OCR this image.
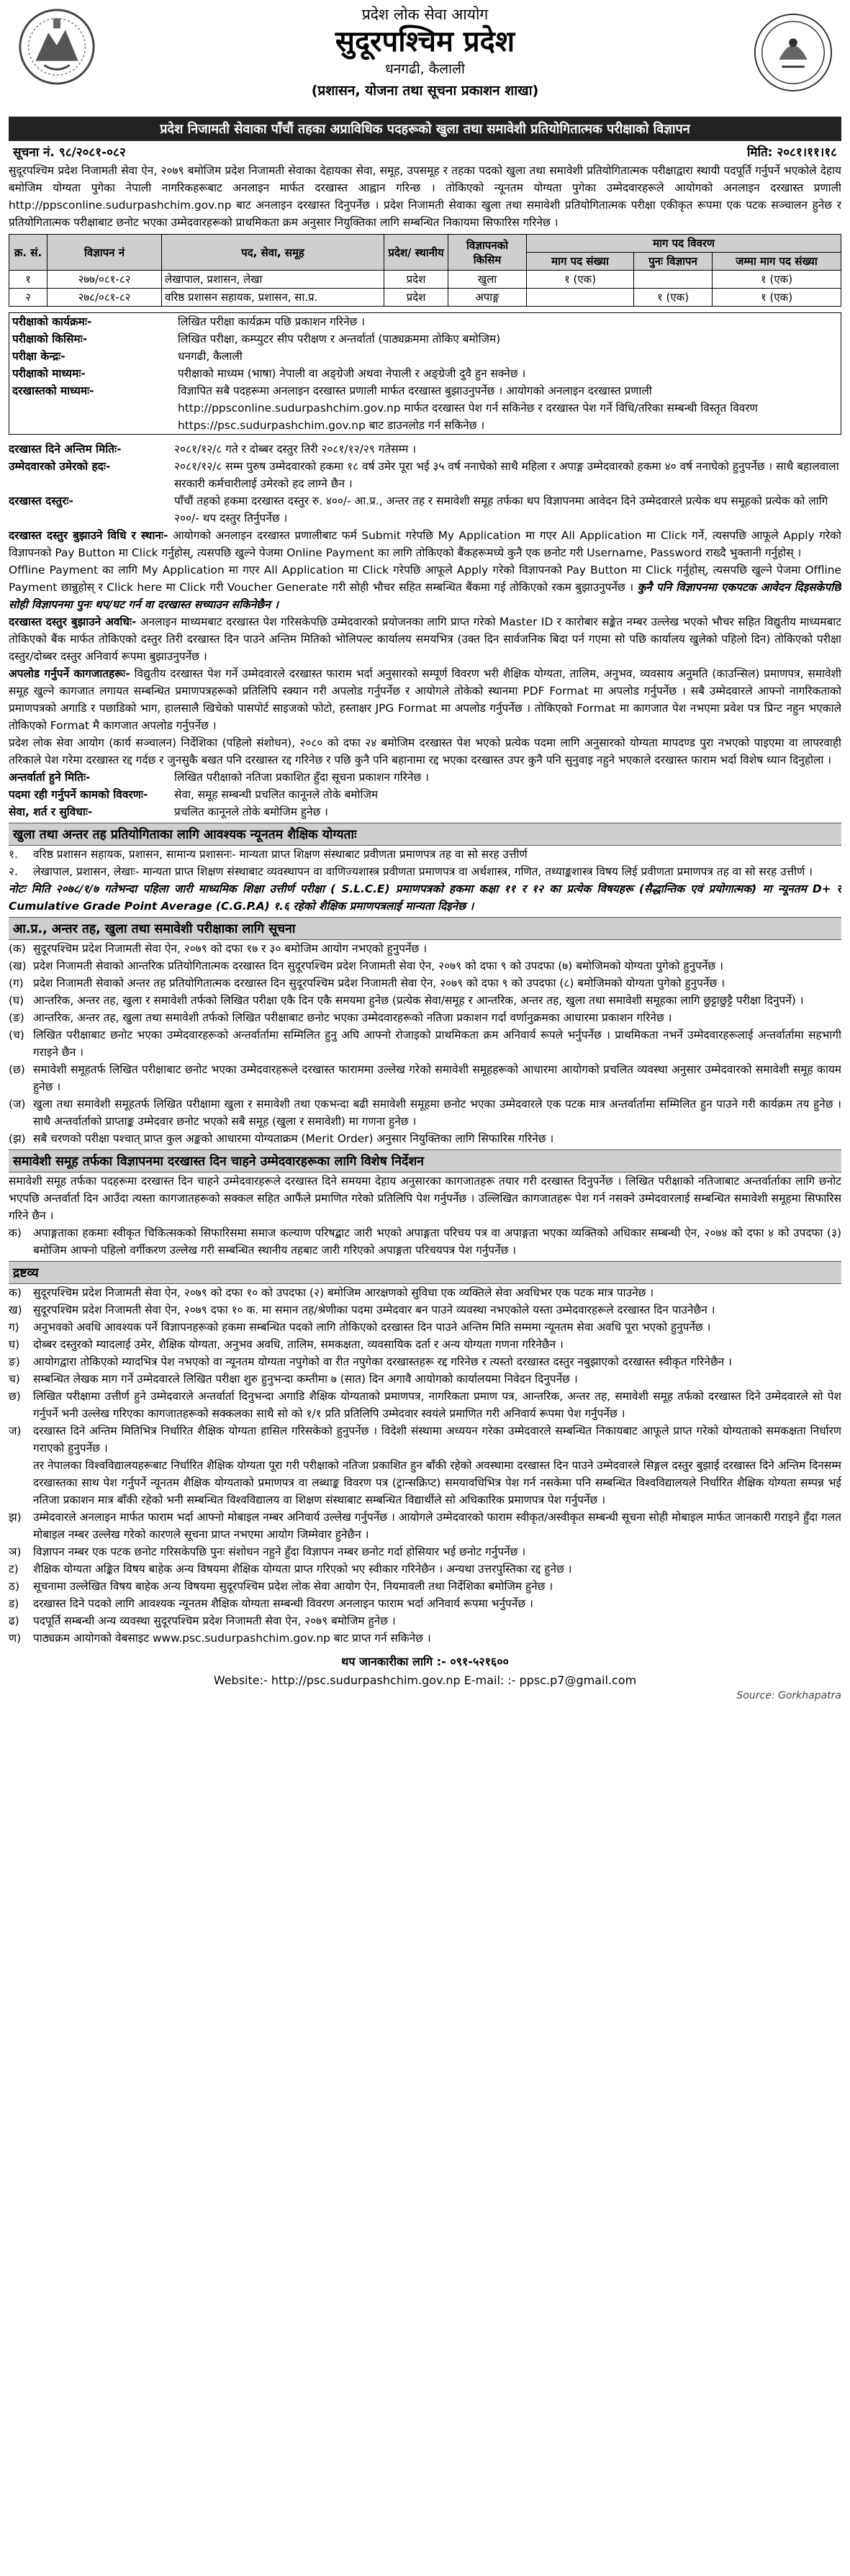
प्रदेश लोक सेवा आयोग
सुदूरपश्चिम प्रदेश
धनगढी, कैलाली
(प्रशासन, योजना तथा सूचना प्रकाशन शाखा)
प्रदेश निजामती सेवाका पाँचौं तहका अप्राविधिक पदहरूको खुला तथा समावेशी प्रतियोगितात्मक परीक्षाको विज्ञापन
सूचना नं. ९८/२०८१-०८२	मिति: २०८१।११।१८

सुदूरपश्चिम प्रदेश निजामती सेवा ऐन, २०७९ बमोजिम प्रदेश निजामती सेवाका देहायका सेवा, समूह, उपसमूह र तहका पदको खुला तथा समावेशी प्रतियोगितात्मक परीक्षाद्वारा स्थायी पदपूर्ति गर्नुपर्ने भएकोले देहाय बमोजिम योग्यता पुगेका नेपाली नागरिकहरूबाट अनलाइन मार्फत दरखास्त आह्वान गरिन्छ । तोकिएको न्यूनतम योग्यता पुगेका उम्मेदवारहरूले आयोगको अनलाइन दरखास्त प्रणाली http://ppsconline.sudurpashchim.gov.np बाट अनलाइन दरखास्त दिनुपर्नेछ । प्रदेश निजामती सेवाका खुला तथा समावेशी प्रतियोगितात्मक परीक्षा एकीकृत रूपमा एक पटक सञ्चालन हुनेछ र प्रतियोगितात्मक परीक्षाबाट छनोट भएका उम्मेदवारहरूको प्राथमिकता क्रम अनुसार नियुक्तिका लागि सम्बन्धित निकायमा सिफारिस गरिनेछ ।

क्र. सं.	विज्ञापन नं	पद, सेवा, समूह	प्रदेश/ स्थानीय	विज्ञापनको किसिम	माग पद विवरण		
					माग पद संख्या	पुनः विज्ञापन	जम्मा माग पद संख्या
१	२७७/०८१-८२	लेखापाल, प्रशासन, लेखा	प्रदेश	खुला	१ (एक)		१ (एक)
२	२७८/०८१-८२	वरिष्ठ प्रशासन सहायक, प्रशासन, सा.प्र.	प्रदेश	अपाङ्ग		१ (एक)	१ (एक)
परीक्षाको कार्यक्रमः-	लिखित परीक्षा कार्यक्रम पछि प्रकाशन गरिनेछ ।
परीक्षाको किसिमः-	लिखित परीक्षा, कम्प्युटर सीप परीक्षण र अन्तर्वार्ता (पाठ्यक्रममा तोकिए बमोजिम)
परीक्षा केन्द्रः-	धनगढी, कैलाली
परीक्षाको माध्यमः-	परीक्षाको माध्यम (भाषा) नेपाली वा अङ्ग्रेजी अथवा नेपाली र अङ्ग्रेजी दुवै हुन सक्नेछ ।
दरखास्तको माध्यमः-	विज्ञापित सबै पदहरूमा अनलाइन दरखास्त प्रणाली मार्फत दरखास्त बुझाउनुपर्नेछ । आयोगको अनलाइन दरखास्त प्रणाली http://ppsconline.sudurpashchim.gov.np मार्फत दरखास्त पेश गर्न सकिनेछ र दरखास्त पेश गर्ने विधि/तरिका सम्बन्धी विस्तृत विवरण https://psc.sudurpashchim.gov.np बाट डाउनलोड गर्न सकिनेछ ।
दरखास्त दिने अन्तिम मितिः-	२०८१/१२/८ गते र दोब्बर दस्तुर तिरी २०८१/१२/२९ गतेसम्म ।
उम्मेदवारको उमेरको हदः-	२०८१/१२/८ सम्म पुरुष उम्मेदवारको हकमा १८ वर्ष उमेर पूरा भई ३५ वर्ष ननाघेको साथै महिला र अपाङ्ग उम्मेदवारको हकमा ४० वर्ष ननाघेको हुनुपर्नेछ । साथै बहालवाला सरकारी कर्मचारीलाई उमेरको हद लाग्ने छैन ।
दरखास्त दस्तुरः-	पाँचौं तहको हकमा दरखास्त दस्तुर रु. ४००/- आ.प्र., अन्तर तह र समावेशी समूह तर्फका थप विज्ञापनमा आवेदन दिने उम्मेदवारले प्रत्येक थप समूहको प्रत्येक को लागि २००/- थप दस्तुर तिर्नुपर्नेछ ।

दरखास्त दस्तुर बुझाउने विधि र स्थानः- आयोगको अनलाइन दरखास्त प्रणालीबाट फर्म Submit गरेपछि My Application मा गएर All Application मा Click गर्ने, त्यसपछि आफूले Apply गरेको विज्ञापनको Pay Button मा Click गर्नुहोस्, त्यसपछि खुल्ने पेजमा Online Payment का लागि तोकिएको बैंकहरूमध्ये कुनै एक छनोट गरी Username, Password राख्दै भुक्तानी गर्नुहोस् ।

Offline Payment का लागि My Application मा गएर All Application मा Click गरेपछि आफूले Apply गरेको विज्ञापनको Pay Button मा Click गर्नुहोस्, त्यसपछि खुल्ने पेजमा Offline Payment छान्नुहोस् र Click here मा Click गरी Voucher Generate गरी सोही भौचर सहित सम्बन्धित बैंकमा गई तोकिएको रकम बुझाउनुपर्नेछ । कुनै पनि विज्ञापनमा एकपटक आवेदन दिइसकेपछि सोही विज्ञापनमा पुनः थप/घट गर्न वा दरखास्त सच्याउन सकिनेछैन ।

दरखास्त दस्तुर बुझाउने अवधिः- अनलाइन माध्यमबाट दरखास्त पेश गरिसकेपछि उम्मेदवारको प्रयोजनका लागि प्राप्त गरेको Master ID र कारोबार सङ्केत नम्बर उल्लेख भएको भौचर सहित विद्युतीय माध्यमबाट तोकिएको बैंक मार्फत तोकिएको दस्तुर तिरी दरखास्त दिन पाउने अन्तिम मितिको भोलिपल्ट कार्यालय समयभित्र (उक्त दिन सार्वजनिक बिदा पर्न गएमा सो पछि कार्यालय खुलेको पहिलो दिन) तोकिएको परीक्षा दस्तुर/दोब्बर दस्तुर अनिवार्य रूपमा बुझाउनुपर्नेछ ।

अपलोड गर्नुपर्ने कागजातहरूः- विद्युतीय दरखास्त पेश गर्ने उम्मेदवारले दरखास्त फाराम भर्दा अनुसारको सम्पूर्ण विवरण भरी शैक्षिक योग्यता, तालिम, अनुभव, व्यवसाय अनुमति (काउन्सिल) प्रमाणपत्र, समावेशी समूह खुल्ने कागजात लगायत सम्बन्धित प्रमाणपत्रहरूको प्रतिलिपि स्क्यान गरी अपलोड गर्नुपर्नेछ र आयोगले तोकेको स्थानमा PDF Format मा अपलोड गर्नुपर्नेछ । सबै उम्मेदवारले आफ्नो नागरिकताको प्रमाणपत्रको अगाडि र पछाडिको भाग, हालसालै खिचेको पासपोर्ट साइजको फोटो, हस्ताक्षर JPG Format मा अपलोड गर्नुपर्नेछ । तोकिएको Format मा कागजात पेश नभएमा प्रवेश पत्र प्रिन्ट नहुन भएकाले तोकिएको Format मै कागजात अपलोड गर्नुपर्नेछ ।

प्रदेश लोक सेवा आयोग (कार्य सञ्चालन) निर्देशिका (पहिलो संशोधन), २०८० को दफा २४ बमोजिम दरखास्त पेश भएको प्रत्येक पदमा लागि अनुसारको योग्यता मापदण्ड पुरा नभएको पाइएमा वा लापरवाही तरिकाले पेश गरेमा दरखास्त रद्द गर्दछ र जुनसुकै बखत पनि दरखास्त रद्द गरिनेछ र पछि कुनै पनि बहानामा रद्द भएका दरखास्त उपर कुनै पनि सुनुवाइ नहुने भएकाले दरखास्त फाराम भर्दा विशेष ध्यान दिनुहोला ।

अन्तर्वार्ता हुने मितिः-	लिखित परीक्षाको नतिजा प्रकाशित हुँदा सूचना प्रकाशन गरिनेछ ।
पदमा रही गर्नुपर्ने कामको विवरणः-	सेवा, समूह सम्बन्धी प्रचलित कानूनले तोके बमोजिम
सेवा, शर्त र सुविधाः-	प्रचलित कानूनले तोके बमोजिम हुनेछ ।
खुला तथा अन्तर तह प्रतियोगिताका लागि आवश्यक न्यूनतम शैक्षिक योग्यताः
१.	वरिष्ठ प्रशासन सहायक, प्रशासन, सामान्य प्रशासनः- मान्यता प्राप्त शिक्षण संस्थाबाट प्रवीणता प्रमाणपत्र तह वा सो सरह उत्तीर्ण
२.	लेखापाल, प्रशासन, लेखाः- मान्यता प्राप्त शिक्षण संस्थाबाट व्यवस्थापन वा वाणिज्यशास्त्र प्रवीणता प्रमाणपत्र वा अर्थशास्त्र, गणित, तथ्याङ्कशास्त्र विषय लिई प्रवीणता प्रमाणपत्र तह वा सो सरह उत्तीर्ण ।

नोटः मिति २०७८/१/७ गतेभन्दा पहिला जारी माध्यमिक शिक्षा उत्तीर्ण परीक्षा ( S.L.C.E) प्रमाणपत्रको हकमा कक्षा ११ र १२ का प्रत्येक विषयहरू (सैद्धान्तिक एवं प्रयोगात्मक) मा न्यूनतम D+ र Cumulative Grade Point Average (C.G.P.A) १.६ रहेको शैक्षिक प्रमाणपत्रलाई मान्यता दिइनेछ ।

आ.प्र., अन्तर तह, खुला तथा समावेशी परीक्षाका लागि सूचना
(क) सुदूरपश्चिम प्रदेश निजामती सेवा ऐन, २०७९ को दफा १७ र ३० बमोजिम आयोग नभएको हुनुपर्नेछ ।
(ख) प्रदेश निजामती सेवाको आन्तरिक प्रतियोगितात्मक दरखास्त दिन सुदूरपश्चिम प्रदेश निजामती सेवा ऐन, २०७९ को दफा ९ को उपदफा (७) बमोजिमको योग्यता पुगेको हुनुपर्नेछ ।
(ग) प्रदेश निजामती सेवाको अन्तर तह प्रतियोगितात्मक दरखास्त दिन सुदूरपश्चिम प्रदेश निजामती सेवा ऐन, २०७९ को दफा ९ को उपदफा (८) बमोजिमको योग्यता पुगेको हुनुपर्नेछ ।
(घ) आन्तरिक, अन्तर तह, खुला र समावेशी तर्फको लिखित परीक्षा एकै दिन एकै समयमा हुनेछ (प्रत्येक सेवा/समूह र आन्तरिक, अन्तर तह, खुला तथा समावेशी समूहका लागि छुट्टाछुट्टै परीक्षा दिनुपर्ने) ।
(ङ) आन्तरिक, अन्तर तह, खुला तथा समावेशी तर्फको लिखित परीक्षाबाट छनोट भएका उम्मेदवारहरूको नतिजा प्रकाशन गर्दा वर्णानुक्रमका आधारमा प्रकाशन गरिनेछ ।
(च) लिखित परीक्षाबाट छनोट भएका उम्मेदवारहरूको अन्तर्वार्तामा सम्मिलित हुनु अघि आफ्नो रोजाइको प्राथमिकता क्रम अनिवार्य रूपले भर्नुपर्नेछ । प्राथमिकता नभर्ने उम्मेदवारहरूलाई अन्तर्वार्तामा सहभागी गराइने छैन ।
(छ) समावेशी समूहतर्फ लिखित परीक्षाबाट छनोट भएका उम्मेदवारहरूले दरखास्त फाराममा उल्लेख गरेको समावेशी समूहहरूको आधारमा आयोगको प्रचलित व्यवस्था अनुसार उम्मेदवारको समावेशी समूह कायम हुनेछ ।
(ज) खुला तथा समावेशी समूहतर्फ लिखित परीक्षामा खुला र समावेशी तथा एकभन्दा बढी समावेशी समूहमा छनोट भएका उम्मेदवारले एक पटक मात्र अन्तर्वार्तामा सम्मिलित हुन पाउने गरी कार्यक्रम तय हुनेछ । साथै अन्तर्वार्ताको प्राप्ताङ्क उम्मेदवार छनोट भएको सबै समूह (खुला र समावेशी) मा गणना हुनेछ ।
(झ) सबै चरणको परीक्षा पश्चात् प्राप्त कुल अङ्कको आधारमा योग्यताक्रम (Merit Order) अनुसार नियुक्तिका लागि सिफारिस गरिनेछ ।
समावेशी समूह तर्फका विज्ञापनमा दरखास्त दिन चाहने उम्मेदवारहरूका लागि विशेष निर्देशन

समावेशी समूह तर्फका पदहरूमा दरखास्त दिन चाहने उम्मेदवारहरूले दरखास्त दिने समयमा देहाय अनुसारका कागजातहरू तयार गरी दरखास्त दिनुपर्नेछ । लिखित परीक्षाको नतिजाबाट अन्तर्वार्ताका लागि छनोट भएपछि अन्तर्वार्ता दिन आउँदा त्यस्ता कागजातहरूको सक्कल सहित आफैंले प्रमाणित गरेको प्रतिलिपि पेश गर्नुपर्नेछ । उल्लिखित कागजातहरू पेश गर्न नसक्ने उम्मेदवारलाई सम्बन्धित समावेशी समूहमा सिफारिस गरिने छैन ।

क)	अपाङ्गताका हकमाः स्वीकृत चिकित्सकको सिफारिसमा समाज कल्याण परिषद्बाट जारी भएको अपाङ्गता परिचय पत्र वा अपाङ्गता भएका व्यक्तिको अधिकार सम्बन्धी ऐन, २०७४ को दफा ४ को उपदफा (३) बमोजिम आफ्नो पहिलो वर्गीकरण उल्लेख गरी सम्बन्धित स्थानीय तहबाट जारी गरिएको अपाङ्गता परिचयपत्र पेश गर्नुपर्नेछ ।
द्रष्टव्य
क)	सुदूरपश्चिम प्रदेश निजामती सेवा ऐन, २०७९ को दफा १० को उपदफा (२) बमोजिम आरक्षणको सुविधा एक व्यक्तिले सेवा अवधिभर एक पटक मात्र पाउनेछ ।
ख) सुदूरपश्चिम प्रदेश निजामती सेवा ऐन, २०७९ दफा १० क. मा समान तह/श्रेणीका पदमा उम्मेदवार बन पाउने व्यवस्था नभएकोले यस्ता उम्मेदवारहरूले दरखास्त दिन पाउनेछैन ।
ग)	अनुभवको अवधि आवश्यक पर्ने विज्ञापनहरूको हकमा सम्बन्धित पदको लागि तोकिएको दरखास्त दिन पाउने अन्तिम मिति सम्ममा न्यूनतम सेवा अवधि पूरा भएको हुनुपर्नेछ ।
घ)	दोब्बर दस्तुरको म्यादलाई उमेर, शैक्षिक योग्यता, अनुभव अवधि, तालिम, समकक्षता, व्यवसायिक दर्ता र अन्य योग्यता गणना गरिनेछैन ।
ङ)	आयोगद्वारा तोकिएको म्यादभित्र पेश नभएको वा न्यूनतम योग्यता नपुगेको वा रीत नपुगेका दरखास्तहरू रद्द गरिनेछ र त्यस्तो दरखास्त दस्तुर नबुझाएको दरखास्त स्वीकृत गरिनेछैन ।
च)	सम्बन्धित लेखक माग गर्ने उम्मेदवारले लिखित परीक्षा शुरु हुनुभन्दा कम्तीमा ७ (सात) दिन अगावै आयोगको कार्यालयमा निवेदन दिनुपर्नेछ ।
छ)	लिखित परीक्षामा उत्तीर्ण हुने उम्मेदवारले अन्तर्वार्ता दिनुभन्दा अगाडि शैक्षिक योग्यताको प्रमाणपत्र, नागरिकता प्रमाण पत्र, आन्तरिक, अन्तर तह, समावेशी समूह तर्फको दरखास्त दिने उम्मेदवारले सो पेश गर्नुपर्ने भनी उल्लेख गरिएका कागजातहरूको सक्कलका साथै सो को १/१ प्रति प्रतिलिपि उम्मेदवार स्वयंले प्रमाणित गरी अनिवार्य रूपमा पेश गर्नुपर्नेछ ।
ज)	दरखास्त दिने अन्तिम मितिभित्र निर्धारित शैक्षिक योग्यता हासिल गरिसकेको हुनुपर्नेछ । विदेशी संस्थामा अध्ययन गरेका उम्मेदवारले सम्बन्धित निकायबाट आफूले प्राप्त गरेको योग्यताको समकक्षता निर्धारण गराएको हुनुपर्नेछ ।
तर नेपालका विश्वविद्यालयहरूबाट निर्धारित शैक्षिक योग्यता पूरा गरी परीक्षाको नतिजा प्रकाशित हुन बाँकी रहेको अवस्थामा दरखास्त दिन पाउने उम्मेदवारले सिङ्गल दस्तुर बुझाई दरखास्त दिने अन्तिम दिनसम्म दरखास्तका साथ पेश गर्नुपर्ने न्यूनतम शैक्षिक योग्यताको प्रमाणपत्र वा लब्धाङ्क विवरण पत्र (ट्रान्सक्रिप्ट) समयावधिभित्र पेश गर्न नसकेमा पनि सम्बन्धित विश्वविद्यालयले निर्धारित शैक्षिक योग्यता सम्पन्न भई नतिजा प्रकाशन मात्र बाँकी रहेको भनी सम्बन्धित विश्वविद्यालय वा शिक्षण संस्थाबाट सम्बन्धित विद्यार्थीले सो अधिकारिक प्रमाणपत्र पेश गर्नुपर्नेछ ।
झ)	उम्मेदवारले अनलाइन मार्फत फाराम भर्दा आफ्नो मोबाइल नम्बर अनिवार्य उल्लेख गर्नुपर्नेछ । आयोगले उम्मेदवारको फाराम स्वीकृत/अस्वीकृत सम्बन्धी सूचना सोही मोबाइल मार्फत जानकारी गराइने हुँदा गलत मोबाइल नम्बर उल्लेख गरेको कारणले सूचना प्राप्त नभएमा आयोग जिम्मेवार हुनेछैन ।
ञ)	विज्ञापन नम्बर एक पटक छनोट गरिसकेपछि पुनः संशोधन नहुने हुँदा विज्ञापन नम्बर छनोट गर्दा होसियार भई छनोट गर्नुपर्नेछ ।
ट)	शैक्षिक योग्यता अङ्कित विषय बाहेक अन्य विषयमा शैक्षिक योग्यता प्राप्त गरिएको भए स्वीकार गरिनेछैन । अन्यथा उत्तरपुस्तिका रद्द हुनेछ ।
ठ)	सूचनामा उल्लेखित विषय बाहेक अन्य विषयमा सुदूरपश्चिम प्रदेश लोक सेवा आयोग ऐन, नियमावली तथा निर्देशिका बमोजिम हुनेछ ।
ड)	दरखास्त दिने पदको लागि आवश्यक न्यूनतम शैक्षिक योग्यता सम्बन्धी विवरण अनलाइन फाराम भर्दा अनिवार्य रूपमा भर्नुपर्नेछ ।
ढ)	पदपूर्ति सम्बन्धी अन्य व्यवस्था सुदूरपश्चिम प्रदेश निजामती सेवा ऐन, २०७९ बमोजिम हुनेछ ।
ण)	पाठ्यक्रम आयोगको वेबसाइट www.psc.sudurpashchim.gov.np बाट प्राप्त गर्न सकिनेछ ।
थप जानकारीका लागि :- ०९१-५२१६००
Website:- http://psc.sudurpashchim.gov.np E-mail: :- ppsc.p7@gmail.com
Source: Gorkhapatra
